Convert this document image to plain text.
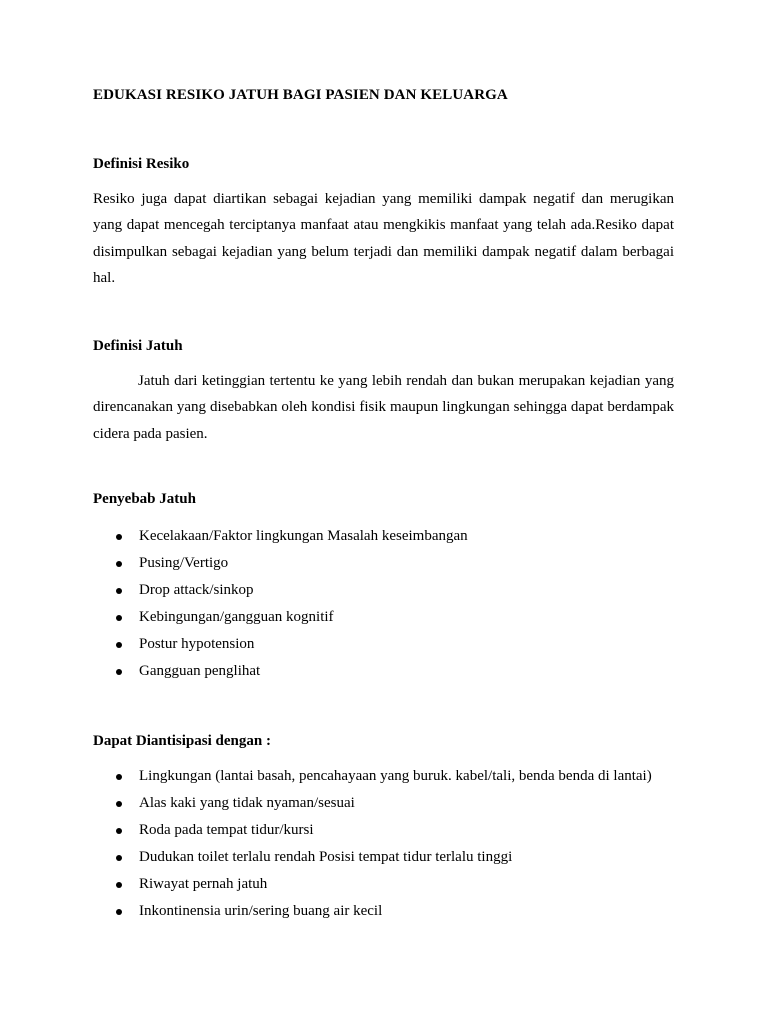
EDUKASI RESIKO JATUH BAGI PASIEN DAN KELUARGA
Definisi Resiko

Resiko juga dapat diartikan sebagai kejadian yang memiliki dampak negatif dan merugikan yang dapat mencegah terciptanya manfaat atau mengkikis manfaat yang telah ada.Resiko dapat disimpulkan sebagai kejadian yang belum terjadi dan memiliki dampak negatif dalam berbagai hal.

Definisi Jatuh

Jatuh dari ketinggian tertentu ke yang lebih rendah dan bukan merupakan kejadian yang direncanakan yang disebabkan oleh kondisi fisik maupun lingkungan sehingga dapat berdampak cidera pada pasien.

Penyebab Jatuh
Kecelakaan/Faktor lingkungan Masalah keseimbangan
Pusing/Vertigo
Drop attack/sinkop
Kebingungan/gangguan kognitif
Postur hypotension
Gangguan penglihat
Dapat Diantisipasi dengan :
Lingkungan (lantai basah, pencahayaan yang buruk. kabel/tali, benda benda di lantai)
Alas kaki yang tidak nyaman/sesuai
Roda pada tempat tidur/kursi
Dudukan toilet terlalu rendah Posisi tempat tidur terlalu tinggi
Riwayat pernah jatuh
Inkontinensia urin/sering buang air kecil
